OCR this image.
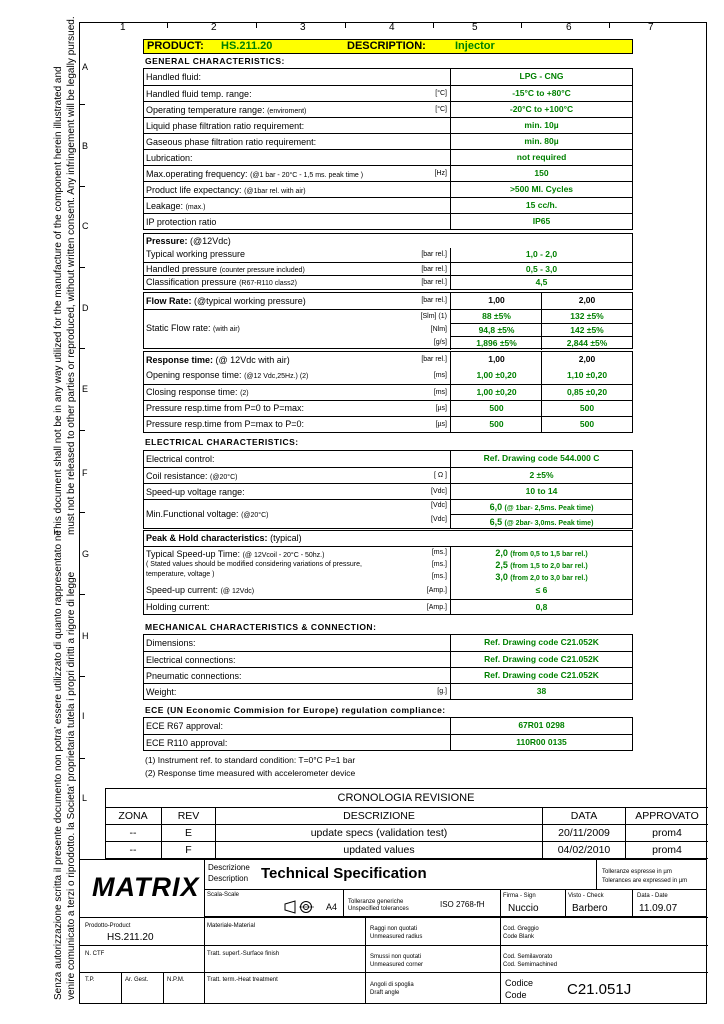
This document shall not be in any way utilized for the manufacture of the component herein illustrated and must not be released to other parties or reproduced, without written consent. Any infringement will be legally pursued.
Senza autorizzazione scritta il presente documento non potra' essere utilizzato di quanto rappresentato ne venire comunicato a terzi o riprodotto. la Societa' proprietaria tutela i propri diritti a rigore di legge
1	2	3	4	5	6	7
A
B
C
D
E
F
G
H
I
L
PRODUCT: HS.211.20	DESCRIPTION:	Injector
GENERAL CHARACTERISTICS:
Handled fluid:	LPG - CNG
Handled fluid temp. range:	[°C]	-15°C to +80°C
Operating temperature range: (enviroment)	[°C]	-20°C to +100°C
Liquid phase filtration ratio requirement:	min. 10µ
Gaseous phase filtration ratio requirement:	min. 80µ
Lubrication:	not required
Max.operating frequency: (@1 bar - 20°C - 1,5 ms. peak time )	[Hz]	150
Product life expectancy: (@1bar rel. with air)	>500 Ml. Cycles
Leakage: (max.)	15 cc/h.
IP protection ratio	IP65
Pressure: (@12Vdc)
Typical working pressure	[bar rel.]	1,0 - 2,0
Handled pressure (counter pressure included)	[bar rel.]	0,5 - 3,0
Classification pressure (R67-R110 class2)	[bar rel.]	4,5
Flow Rate: (@typical working pressure)	[bar rel.]	1,00	2,00
Static Flow rate: (with air)
[Slm] (1)	88 ±5%	132 ±5%
[Nlm]	94,8 ±5%	142 ±5%
[g/s]	1,896 ±5%	2,844 ±5%
Response time: (@ 12Vdc with air)	[bar rel.]	1,00	2,00
Opening response time: (@12 Vdc,25Hz.) (2)	[ms]	1,00 ±0,20	1,10 ±0,20
Closing response time: (2)	[ms]	1,00 ±0,20	0,85 ±0,20
Pressure resp.time from P=0 to P=max:	[µs]	500	500
Pressure resp.time from P=max to P=0:	[µs]	500	500
ELECTRICAL CHARACTERISTICS:
Electrical control:	Ref. Drawing code 544.000 C
Coil resistance: (@20°C)	[ Ω ]	2 ±5%
Speed-up voltage range:	[Vdc]	10 to 14
Min.Functional voltage: (@20°C)
[Vdc]	6,0 (@ 1bar- 2,5ms. Peak time)
[Vdc]	6,5 (@ 2bar- 3,0ms. Peak time)
Peak & Hold characteristics: (typical)
Typical Speed-up Time: (@ 12Vcoil - 20°C - 50hz.)
( Stated values should be modified considering variations of pressure,
temperature, voltage )
[ms.]	2,0 (from 0,5 to 1,5 bar rel.)
[ms.]	2,5 (from 1,5 to 2,0 bar rel.)
[ms.]	3,0 (from 2,0 to 3,0 bar rel.)
Speed-up current: (@ 12Vdc)	[Amp.]	≤ 6
Holding current:	[Amp.]	0,8
MECHANICAL CHARACTERISTICS & CONNECTION:
Dimensions:	Ref. Drawing code C21.052K
Electrical connections:	Ref. Drawing code C21.052K
Pneumatic connections:	Ref. Drawing code C21.052K
Weight:	[g.]	38
ECE (UN Economic Commision for Europe) regulation compliance:
ECE R67 approval:	67R01 0298
ECE R110 approval:	110R00 0135
(1) Instrument ref. to standard condition: T=0°C P=1 bar
(2) Response time measured with accelerometer device
CRONOLOGIA REVISIONE
ZONA	REV	DESCRIZIONE	DATA	APPROVATO
--	E	update specs (validation test)	20/11/2009	prom4
--	F	updated values	04/02/2010	prom4
MATRIX
Descrizione
Description Technical Specification	Tolleranze espresse in µm
Tolerances are expressed in µm
Scala-Scale
A4 Tolleranze generiche
Unspecified tolerances	ISO 2768-fH
Firma - Sign
Nuccio
Visto - Check
Barbero
Data - Date
11.09.07
Prodotto-Product
HS.211.20
Materiale-Material	Raggi non quotati
Unmeasured radius
Cod. Greggio
Code Blank
N. CTF	Tratt. superf.-Surface finish	Smussi non quotati
Unmeasured corner
Cod. Semilavorato
Cod. Semimachined
T.P.	Ar. Gest.	N.P.M.	Tratt. term.-Heat treatment
Angoli di spoglia
Draft angle
Codice
Code	C21.051J
